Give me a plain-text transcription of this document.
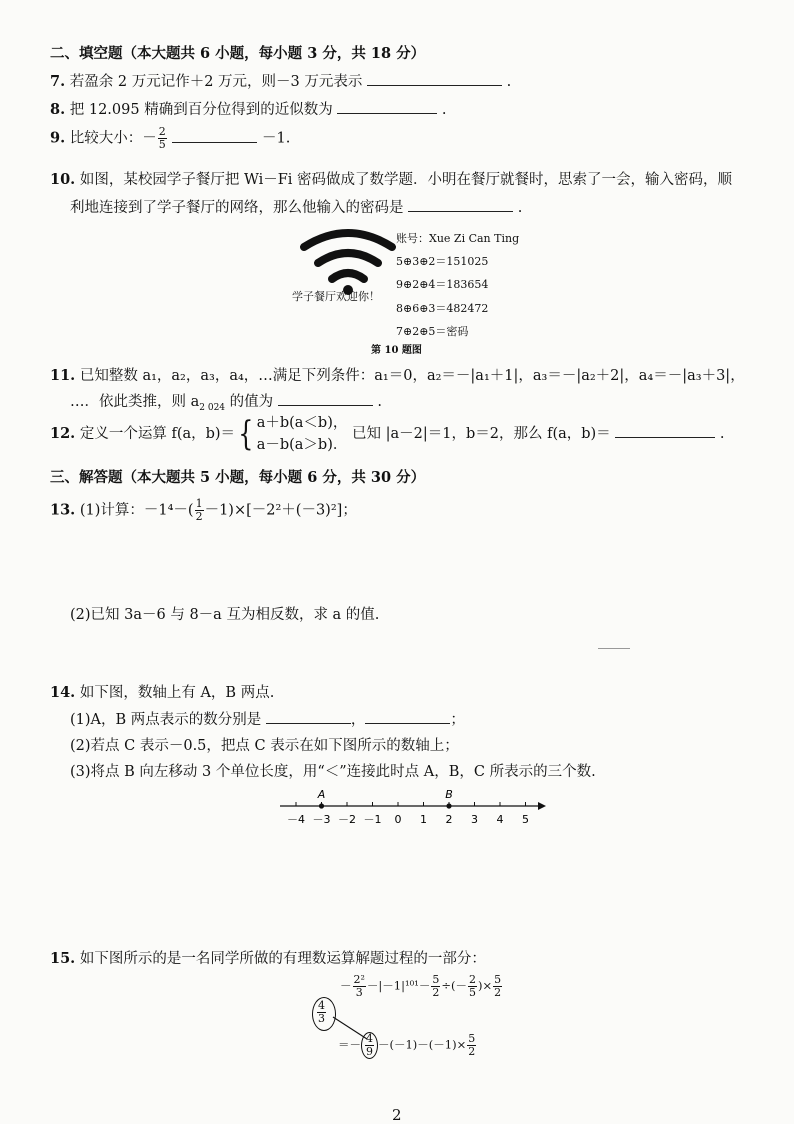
二、填空题（本大题共 6 小题，每小题 3 分，共 18 分）
7. 若盈余 2 万元记作＋2 万元，则－3 万元表示	.
8. 把 12.095 精确到百分位得到的近似数为	.
9. 比较大小：－ $\frac{2}{5}$	－1.
10. 如图，某校园学子餐厅把 Wi－Fi 密码做成了数学题．小明在餐厅就餐时，思索了一会，输入密码，顺
利地连接到了学子餐厅的网络，那么他输入的密码是	.
学子餐厅欢迎你！
账号：Xue Zi Can Ting
5⊕3⊕2＝151025
9⊕2⊕4＝183654
8⊕6⊕3＝482472
7⊕2⊕5＝密码
第 10 题图
11. 已知整数 a₁，a₂，a₃，a₄，…满足下列条件：a₁＝0，a₂＝－|a₁＋1|，a₃＝－|a₂＋2|，a₄＝－|a₃＋3|，
…．依此类推，则 $a_{2 024}$ 的值为	.
12. 定义一个运算 f(a，b)＝{ a＋b(a＜b)，
a－b(a＞b)．
已知 |a－2|＝1，b＝2，那么 f(a，b)＝	.
三、解答题（本大题共 5 小题，每小题 6 分，共 30 分）
13. (1)计算：$-1^4-( \frac{1}{2} -1)\times[-2^2+(-3)^2]$；
(2)已知 3a－6 与 8－a 互为相反数，求 a 的值.
14. 如下图，数轴上有 A，B 两点.
(1)A，B 两点表示的数分别是	，	；
(2)若点 C 表示－0.5，把点 C 表示在如下图所示的数轴上；
(3)将点 B 向左移动 3 个单位长度，用“＜”连接此时点 A，B，C 所表示的三个数.
－4 －3 －2 －1 0 1 2 3 4 5
A	B
15. 如下图所示的是一名同学所做的有理数运算解题过程的一部分：
－ $\frac{\text{2²}}{3} -|-1|^{101}- \frac{5}{2}$ ÷(－ $\frac{2}{5}$ )× $\frac{5}{2}$
$\frac{4}{3}$
＝－ $\frac{4}{9} -(-1)-(-1)\times \frac{5}{2}$
2
